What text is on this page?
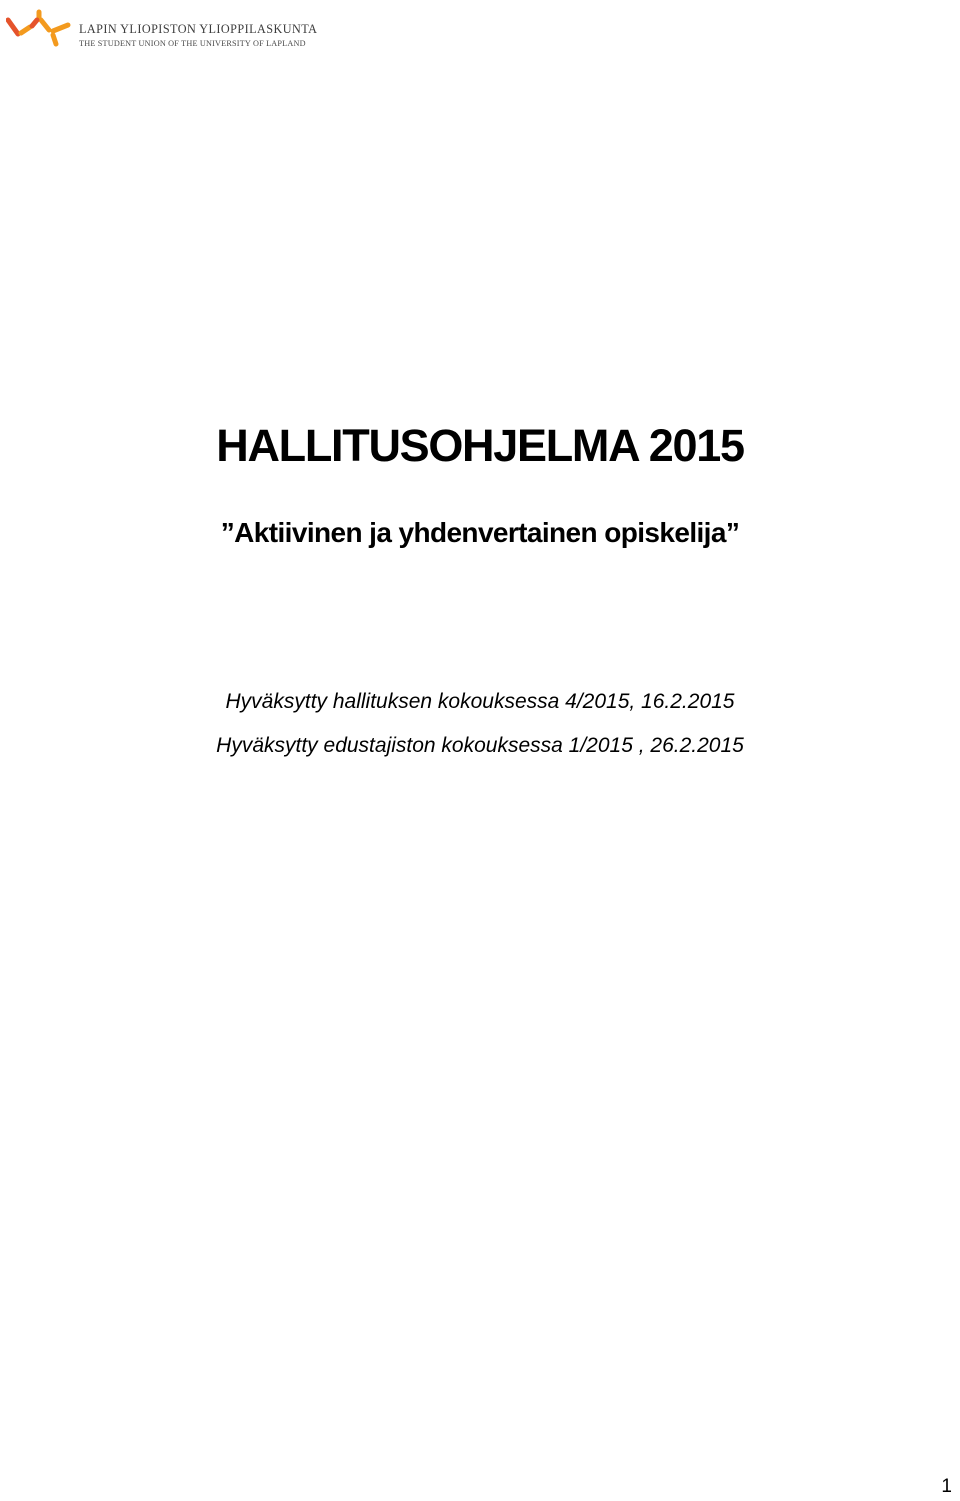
LAPIN YLIOPISTON YLIOPPILASKUNTA
THE STUDENT UNION OF THE UNIVERSITY OF LAPLAND
HALLITUSOHJELMA 2015
”Aktiivinen ja yhdenvertainen opiskelija”

Hyväksytty hallituksen kokouksessa 4/2015, 16.2.2015

Hyväksytty edustajiston kokouksessa 1/2015 , 26.2.2015

1
